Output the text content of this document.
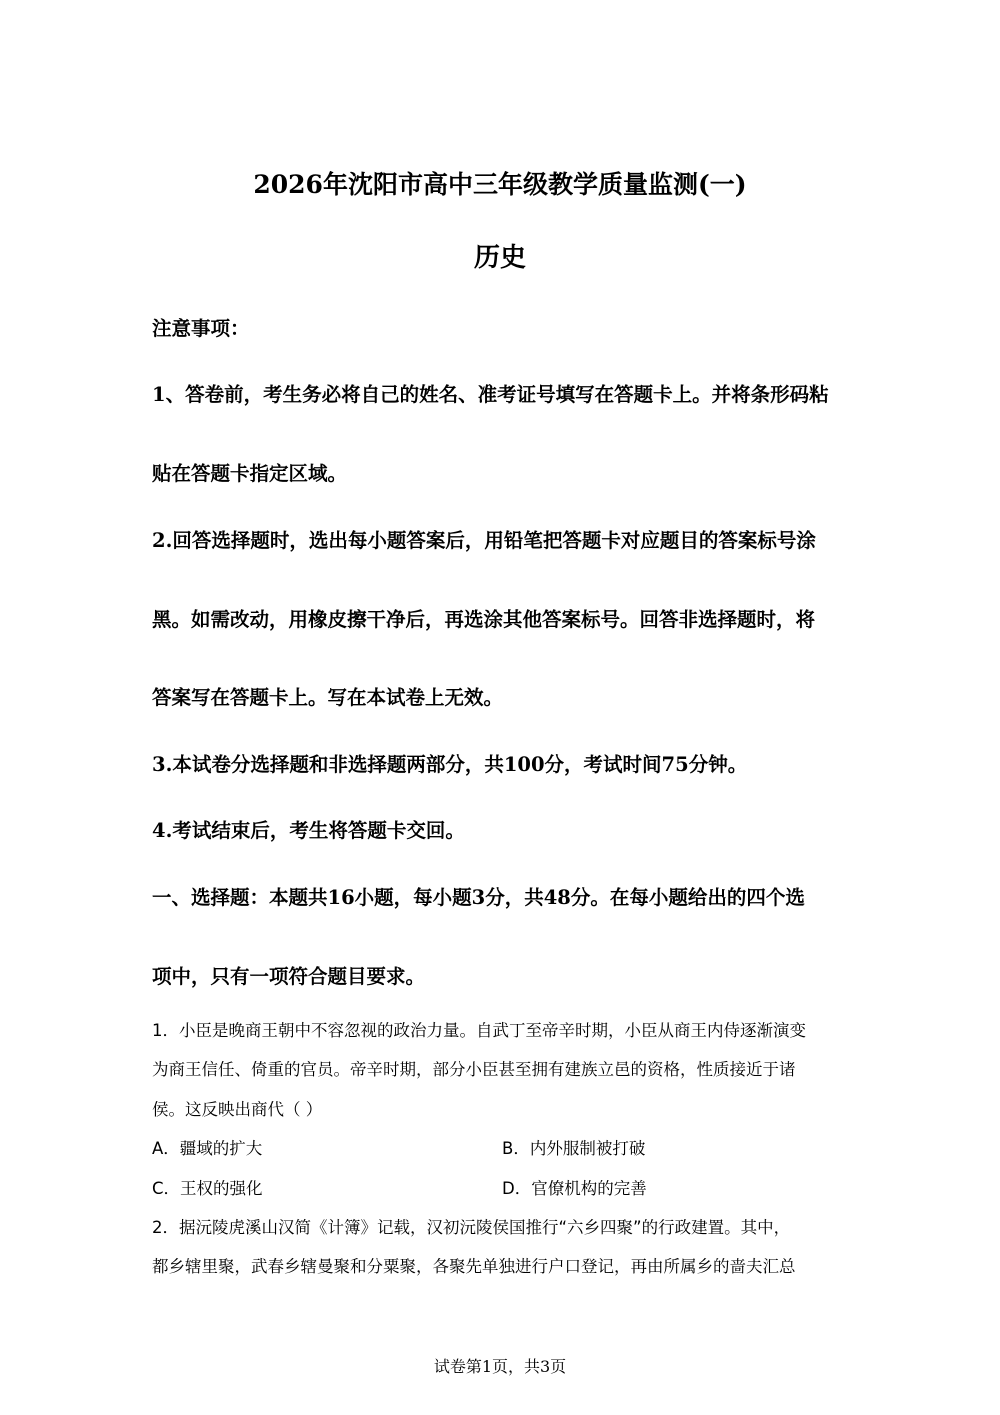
2026年沈阳市高中三年级教学质量监测(一)
历史
注意事项：
1、答卷前，考生务必将自己的姓名、准考证号填写在答题卡上。并将条形码粘
贴在答题卡指定区域。
2.回答选择题时，选出每小题答案后，用铅笔把答题卡对应题目的答案标号涂
黑。如需改动，用橡皮擦干净后，再选涂其他答案标号。回答非选择题时，将
答案写在答题卡上。写在本试卷上无效。
3.本试卷分选择题和非选择题两部分，共100分，考试时间75分钟。
4.考试结束后，考生将答题卡交回。
一、选择题：本题共16小题，每小题3分，共48分。在每小题给出的四个选
项中，只有一项符合题目要求。
1．小臣是晚商王朝中不容忽视的政治力量。自武丁至帝辛时期，小臣从商王内侍逐渐演变
为商王信任、倚重的官员。帝辛时期，部分小臣甚至拥有建族立邑的资格，性质接近于诸
侯。这反映出商代（ ）
A．疆域的扩大	B．内外服制被打破
C．王权的强化	D．官僚机构的完善
2．据沅陵虎溪山汉简《计簿》记载，汉初沅陵侯国推行“六乡四聚”的行政建置。其中，
都乡辖里聚，武春乡辖曼聚和分粟聚，各聚先单独进行户口登记，再由所属乡的啬夫汇总
试卷第1页，共3页
